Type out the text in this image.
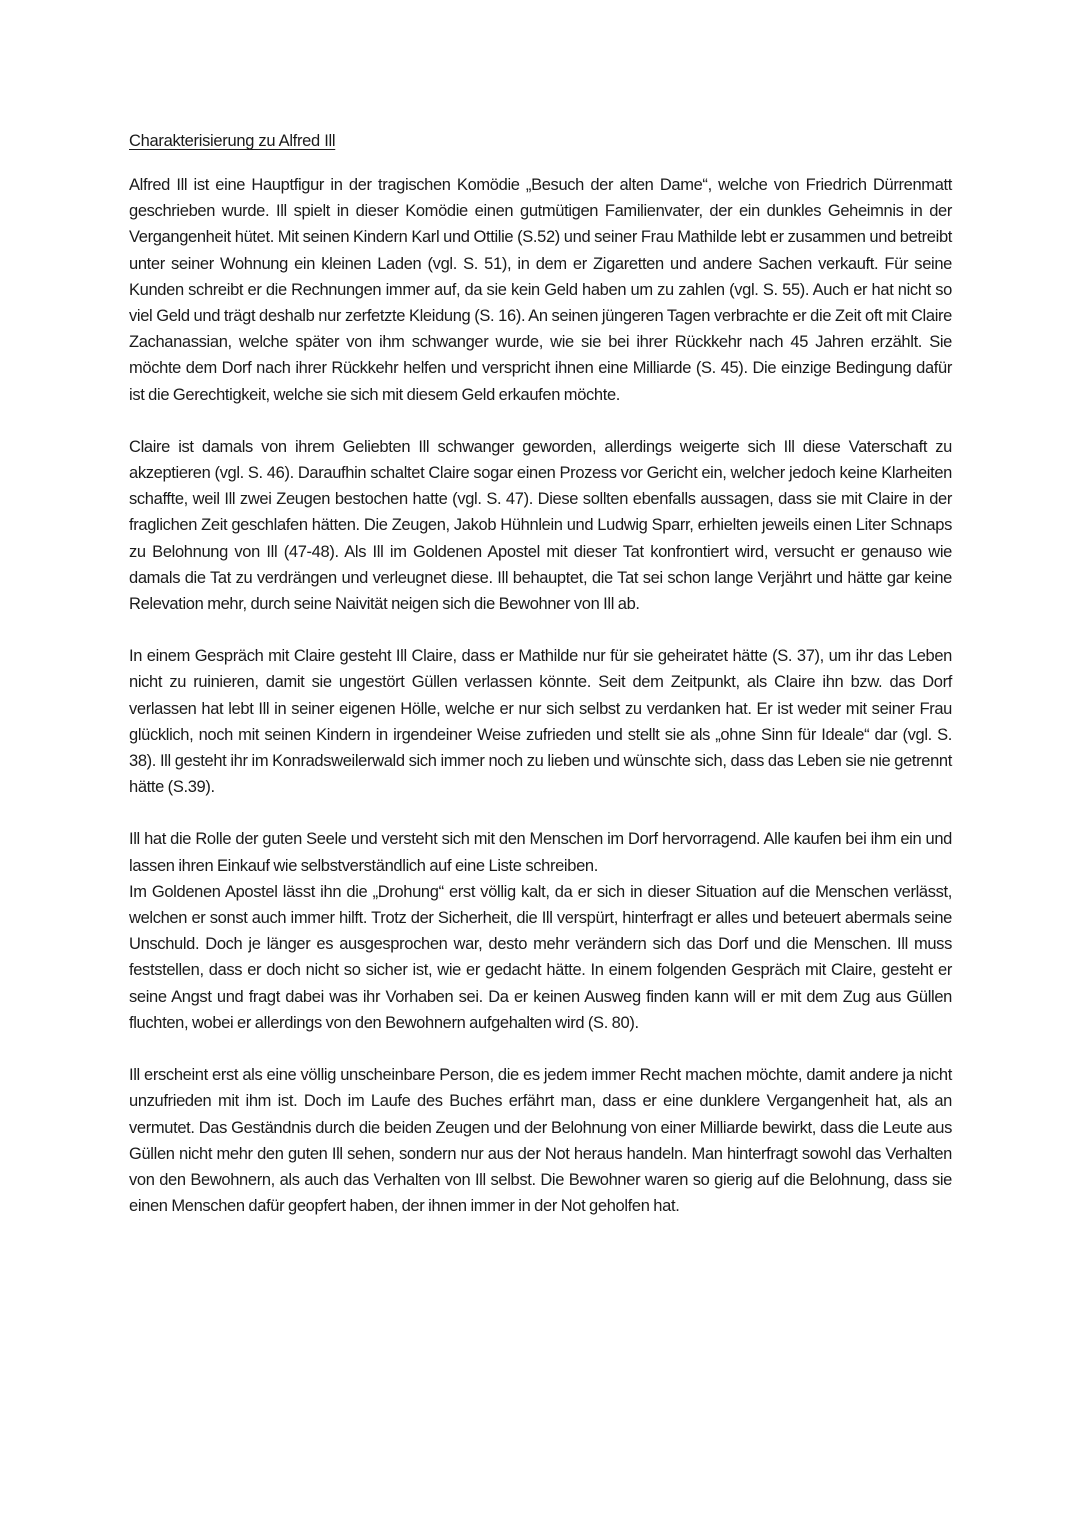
Charakterisierung zu Alfred Ill

Alfred Ill ist eine Hauptfigur in der tragischen Komödie „Besuch der alten Dame“, welche von Friedrich Dürrenmatt geschrieben wurde. Ill spielt in dieser Komödie einen gutmütigen Familienvater, der ein dunkles Geheimnis in der Vergangenheit hütet. Mit seinen Kindern Karl und Ottilie (S.52) und seiner Frau Mathilde lebt er zusammen und betreibt unter seiner Wohnung ein kleinen Laden (vgl. S. 51), in dem er Zigaretten und andere Sachen verkauft. Für seine Kunden schreibt er die Rechnungen immer auf, da sie kein Geld haben um zu zahlen (vgl. S. 55). Auch er hat nicht so viel Geld und trägt deshalb nur zerfetzte Kleidung (S. 16). An seinen jüngeren Tagen verbrachte er die Zeit oft mit Claire Zachanassian, welche später von ihm schwanger wurde, wie sie bei ihrer Rückkehr nach 45 Jahren erzählt. Sie möchte dem Dorf nach ihrer Rückkehr helfen und verspricht ihnen eine Milliarde (S. 45). Die einzige Bedingung dafür ist die Gerechtigkeit, welche sie sich mit diesem Geld erkaufen möchte.

Claire ist damals von ihrem Geliebten Ill schwanger geworden, allerdings weigerte sich Ill diese Vaterschaft zu akzeptieren (vgl. S. 46). Daraufhin schaltet Claire sogar einen Prozess vor Gericht ein, welcher jedoch keine Klarheiten schaffte, weil Ill zwei Zeugen bestochen hatte (vgl. S. 47). Diese sollten ebenfalls aussagen, dass sie mit Claire in der fraglichen Zeit geschlafen hätten. Die Zeugen, Jakob Hühnlein und Ludwig Sparr, erhielten jeweils einen Liter Schnaps zu Belohnung von Ill (47-48). Als Ill im Goldenen Apostel mit dieser Tat konfrontiert wird, versucht er genauso wie damals die Tat zu verdrängen und verleugnet diese. Ill behauptet, die Tat sei schon lange Verjährt und hätte gar keine Relevation mehr, durch seine Naivität neigen sich die Bewohner von Ill ab.

In einem Gespräch mit Claire gesteht Ill Claire, dass er Mathilde nur für sie geheiratet hätte (S. 37), um ihr das Leben nicht zu ruinieren, damit sie ungestört Güllen verlassen könnte. Seit dem Zeitpunkt, als Claire ihn bzw. das Dorf verlassen hat lebt Ill in seiner eigenen Hölle, welche er nur sich selbst zu verdanken hat. Er ist weder mit seiner Frau glücklich, noch mit seinen Kindern in irgendeiner Weise zufrieden und stellt sie als „ohne Sinn für Ideale“ dar (vgl. S. 38). Ill gesteht ihr im Konradsweilerwald sich immer noch zu lieben und wünschte sich, dass das Leben sie nie getrennt hätte (S.39).

Ill hat die Rolle der guten Seele und versteht sich mit den Menschen im Dorf hervorragend. Alle kaufen bei ihm ein und lassen ihren Einkauf wie selbstverständlich auf eine Liste schreiben.

Im Goldenen Apostel lässt ihn die „Drohung“ erst völlig kalt, da er sich in dieser Situation auf die Menschen verlässt, welchen er sonst auch immer hilft. Trotz der Sicherheit, die Ill verspürt, hinterfragt er alles und beteuert abermals seine Unschuld. Doch je länger es ausgesprochen war, desto mehr verändern sich das Dorf und die Menschen. Ill muss feststellen, dass er doch nicht so sicher ist, wie er gedacht hätte. In einem folgenden Gespräch mit Claire, gesteht er seine Angst und fragt dabei was ihr Vorhaben sei. Da er keinen Ausweg finden kann will er mit dem Zug aus Güllen fluchten, wobei er allerdings von den Bewohnern aufgehalten wird (S. 80).

Ill erscheint erst als eine völlig unscheinbare Person, die es jedem immer Recht machen möchte, damit andere ja nicht unzufrieden mit ihm ist. Doch im Laufe des Buches erfährt man, dass er eine dunklere Vergangenheit hat, als an vermutet. Das Geständnis durch die beiden Zeugen und der Belohnung von einer Milliarde bewirkt, dass die Leute aus Güllen nicht mehr den guten Ill sehen, sondern nur aus der Not heraus handeln. Man hinterfragt sowohl das Verhalten von den Bewohnern, als auch das Verhalten von Ill selbst. Die Bewohner waren so gierig auf die Belohnung, dass sie einen Menschen dafür geopfert haben, der ihnen immer in der Not geholfen hat.
